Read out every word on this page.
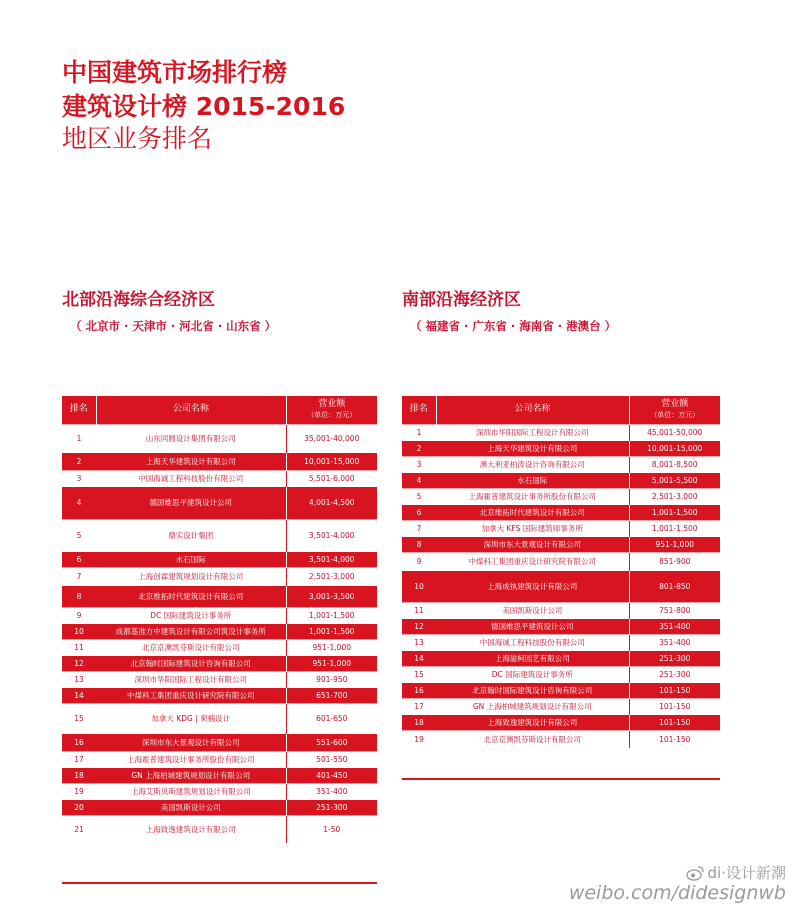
中国建筑市场排行榜

建筑设计榜 2015-2016

地区业务排名

北部沿海综合经济区

（ 北京市 · 天津市 · 河北省 · 山东省 ）

南部沿海经济区

（ 福建省 · 广东省 · 海南省 · 港澳台 ）

排名	公司名称	营业额
（单位：万元）

1	山东同圆设计集团有限公司	35,001-40,000
2	上海天华建筑设计有限公司	10,001-15,000
3	中国海诚工程科技股份有限公司	5,501-6,000
4	德国维思平建筑设计公司	4,001-4,500
5	鼎实设计集团	3,501-4,000
6	水石国际	3,501-4,000
7	上海创霖建筑规划设计有限公司	2,501-3,000
8	北京维拓时代建筑设计有限公司	3,001-3,500
9	DC 国际建筑设计事务所	1,001-1,500
10	成都基准方中建筑设计有限公司筑设计事务所	1,001-1,500
11	北京京澳凯芬斯设计有限公司	951-1,000
12	北京翰时国际建筑设计咨询有限公司	951-1,000
13	深圳市华阳国际工程设计有限公司	901-950
14	中煤科工集团重庆设计研究院有限公司	651-700
15	加拿大 KDG | 柬楠设计	601-650
16	深圳市东大景观设计有限公司	551-600
17	上海霍普建筑设计事务所股份有限公司	501-550
18	GN 上海柏城建筑规划设计有限公司	401-450
19	上海艾斯贝斯建筑规划设计有限公司	351-400
20	美国凯斯设计公司	251-300
21	上海致逸建筑设计有限公司	1-50
排名	公司名称	营业额
（单位：万元）

1	深圳市华阳国际工程设计有限公司	45,001-50,000
2	上海天华建筑设计有限公司	10,001-15,000
3	澳大利亚柏涛设计咨询有限公司	8,001-8,500
4	水石国际	5,001-5,500
5	上海霍普建筑设计事务所股份有限公司	2,501-3,000
6	北京维拓时代建筑设计有限公司	1,001-1,500
7	加拿大 KFS 国际建筑师事务所	1,001-1,500
8	深圳市东大景观设计有限公司	951-1,000
9	中煤科工集团重庆设计研究院有限公司	851-900
10	上海成执建筑设计有限公司	801-850
11	美国凯斯设计公司	751-800
12	德国维思平建筑设计公司	351-400
13	中国海诚工程科技股份有限公司	351-400
14	上海溢柯园艺有限公司	251-300
15	DC 国际建筑设计事务所	251-300
16	北京翰时国际建筑设计咨询有限公司	101-150
17	GN 上海柏城建筑规划设计有限公司	101-150
18	上海致逸建筑设计有限公司	101-150
19	北京京澳凯芬斯设计有限公司	101-150
di·设计新潮
weibo.com/didesignwb
